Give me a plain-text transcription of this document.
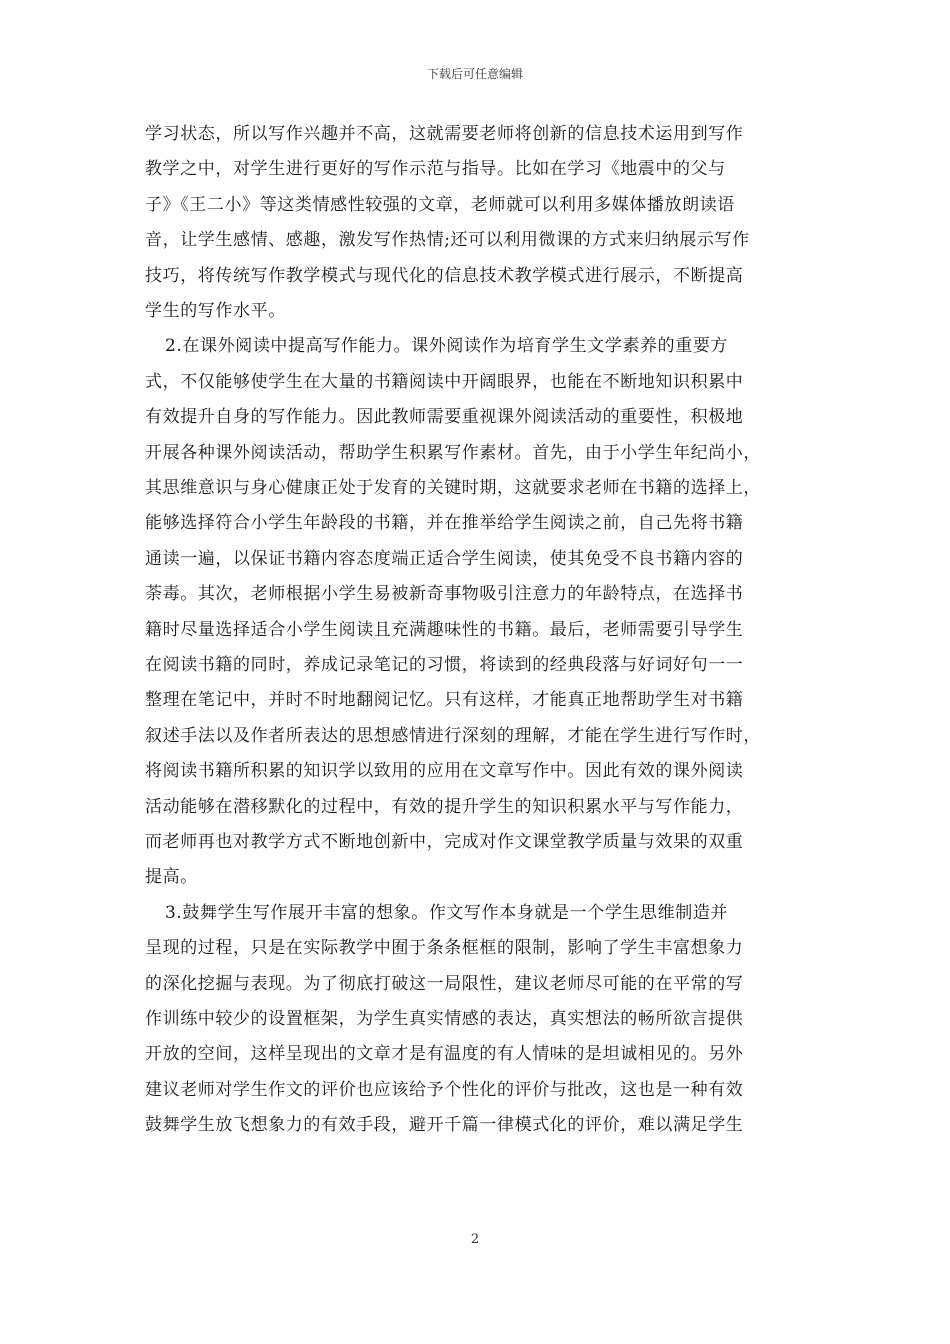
下载后可任意编辑
学习状态，所以写作兴趣并不高，这就需要老师将创新的信息技术运用到写作
教学之中，对学生进行更好的写作示范与指导。比如在学习《地震中的父与
子》《王二小》等这类情感性较强的文章，老师就可以利用多媒体播放朗读语
音，让学生感情、感趣，激发写作热情;还可以利用微课的方式来归纳展示写作
技巧，将传统写作教学模式与现代化的信息技术教学模式进行展示，不断提高
学生的写作水平。
2.在课外阅读中提高写作能力。课外阅读作为培育学生文学素养的重要方
式，不仅能够使学生在大量的书籍阅读中开阔眼界，也能在不断地知识积累中
有效提升自身的写作能力。因此教师需要重视课外阅读活动的重要性，积极地
开展各种课外阅读活动，帮助学生积累写作素材。首先，由于小学生年纪尚小，
其思维意识与身心健康正处于发育的关键时期，这就要求老师在书籍的选择上，
能够选择符合小学生年龄段的书籍，并在推举给学生阅读之前，自己先将书籍
通读一遍，以保证书籍内容态度端正适合学生阅读，使其免受不良书籍内容的
荼毒。其次，老师根据小学生易被新奇事物吸引注意力的年龄特点，在选择书
籍时尽量选择适合小学生阅读且充满趣味性的书籍。最后，老师需要引导学生
在阅读书籍的同时，养成记录笔记的习惯，将读到的经典段落与好词好句一一
整理在笔记中，并时不时地翻阅记忆。只有这样，才能真正地帮助学生对书籍
叙述手法以及作者所表达的思想感情进行深刻的理解，才能在学生进行写作时，
将阅读书籍所积累的知识学以致用的应用在文章写作中。因此有效的课外阅读
活动能够在潜移默化的过程中，有效的提升学生的知识积累水平与写作能力，
而老师再也对教学方式不断地创新中，完成对作文课堂教学质量与效果的双重
提高。
3.鼓舞学生写作展开丰富的想象。作文写作本身就是一个学生思维制造并
呈现的过程，只是在实际教学中囿于条条框框的限制，影响了学生丰富想象力
的深化挖掘与表现。为了彻底打破这一局限性，建议老师尽可能的在平常的写
作训练中较少的设置框架，为学生真实情感的表达，真实想法的畅所欲言提供
开放的空间，这样呈现出的文章才是有温度的有人情味的是坦诚相见的。另外
建议老师对学生作文的评价也应该给予个性化的评价与批改，这也是一种有效
鼓舞学生放飞想象力的有效手段，避开千篇一律模式化的评价，难以满足学生
2
